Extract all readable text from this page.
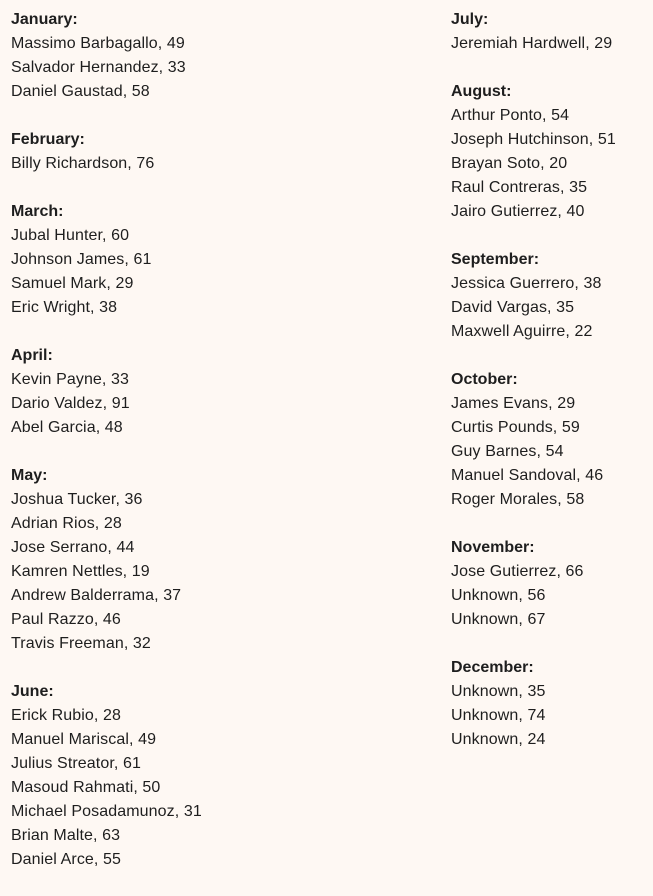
January:
Massimo Barbagallo, 49
Salvador Hernandez, 33
Daniel Gaustad, 58
February:
Billy Richardson, 76
March:
Jubal Hunter, 60
Johnson James, 61
Samuel Mark, 29
Eric Wright, 38
April:
Kevin Payne, 33
Dario Valdez, 91
Abel Garcia, 48
May:
Joshua Tucker, 36
Adrian Rios, 28
Jose Serrano, 44
Kamren Nettles, 19
Andrew Balderrama, 37
Paul Razzo, 46
Travis Freeman, 32
June:
Erick Rubio, 28
Manuel Mariscal, 49
Julius Streator, 61
Masoud Rahmati, 50
Michael Posadamunoz, 31
Brian Malte, 63
Daniel Arce, 55
July:
Jeremiah Hardwell, 29
August:
Arthur Ponto, 54
Joseph Hutchinson, 51
Brayan Soto, 20
Raul Contreras, 35
Jairo Gutierrez, 40
September:
Jessica Guerrero, 38
David Vargas, 35
Maxwell Aguirre, 22
October:
James Evans, 29
Curtis Pounds, 59
Guy Barnes, 54
Manuel Sandoval, 46
Roger Morales, 58
November:
Jose Gutierrez, 66
Unknown, 56
Unknown, 67
December:
Unknown, 35
Unknown, 74
Unknown, 24
